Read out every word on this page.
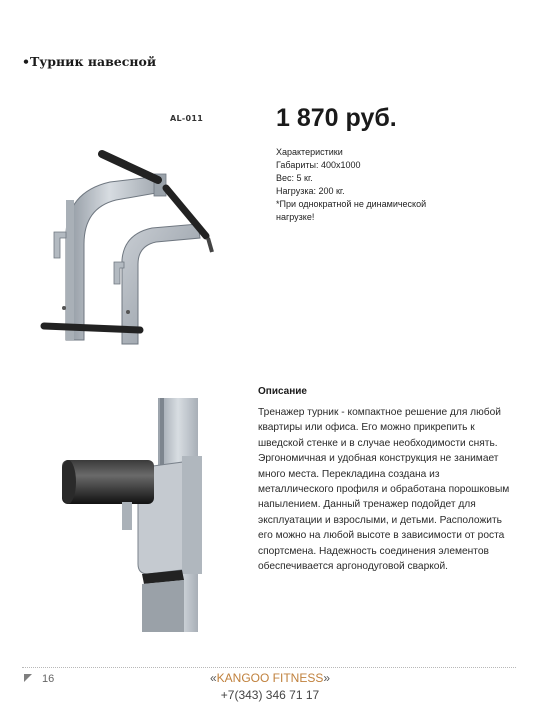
•Турник навесной
AL-011	1 870 руб.
Характеристики
Габариты: 400х1000
Вес: 5 кг.
Нагрузка: 200 кг.
*При однократной не динамической нагрузке!
Описание
Тренажер турник - компактное решение для любой квартиры или офиса. Его можно прикрепить к шведской стенке и в случае необходимости снять. Эргономичная и удобная конструкция не занимает много места. Перекладина создана из металлического профиля и обработана порошковым напылением. Данный тренажер подойдет для эксплуатации и взрослыми, и детьми. Расположить его можно на любой высоте в зависимости от роста спортсмена. Надежность соединения элементов обеспечивается аргонодуговой сваркой.
16	«KANGOO FITNESS»
+7(343) 346 71 17
